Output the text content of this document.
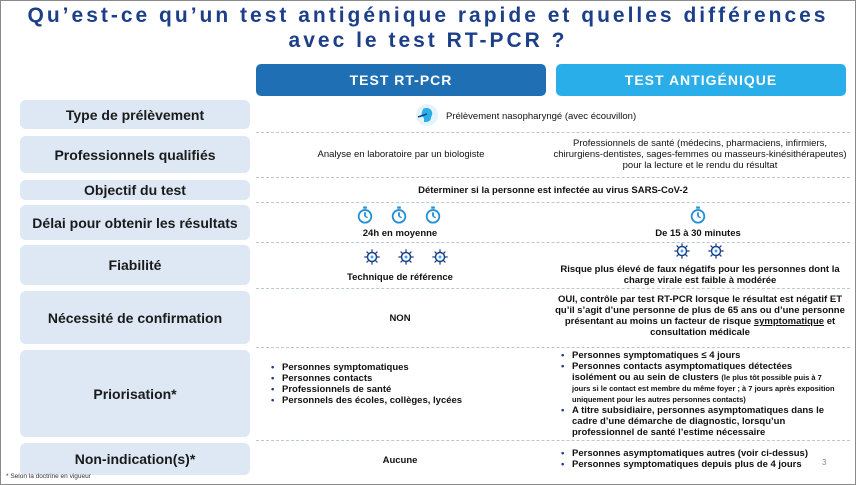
Qu’est-ce qu’un test antigénique rapide et quelles différences
avec le test RT-PCR ?
TEST RT-PCR	TEST ANTIGÉNIQUE
Type de prélèvement
Professionnels qualifiés
Objectif du test
Délai pour obtenir les résultats
Fiabilité
Nécessité de confirmation
Priorisation*
Non-indication(s)*
Prélèvement nasopharyngé (avec écouvillon)
Analyse en laboratoire par un biologiste
Professionnels de santé (médecins, pharmaciens, infirmiers, chirurgiens-dentistes, sages-femmes ou masseurs-kinésithérapeutes) pour la lecture et le rendu du résultat
Déterminer si la personne est infectée au virus SARS-CoV-2
24h en moyenne	De 15 à 30 minutes
Technique de référence
Risque plus élevé de faux négatifs pour les personnes dont la charge virale est faible à modérée
NON
OUI, contrôle par test RT-PCR lorsque le résultat est négatif ET qu’il s’agit d’une personne de plus de 65 ans ou d’une personne présentant au moins un facteur de risque symptomatique et consultation médicale
• Personnes symptomatiques
• Personnes contacts
• Professionnels de santé
• Personnels des écoles, collèges, lycées
• Personnes symptomatiques ≤ 4 jours
• Personnes contacts asymptomatiques détectées isolément ou au sein de clusters (le plus tôt possible puis à 7 jours si le contact est membre du même foyer ; à 7 jours après exposition uniquement pour les autres personnes contacts)
• A titre subsidiaire, personnes asymptomatiques dans le cadre d’une démarche de diagnostic, lorsqu’un professionnel de santé l’estime nécessaire
Aucune
• Personnes asymptomatiques autres (voir ci-dessus)
• Personnes symptomatiques depuis plus de 4 jours
* Selon la doctrine en vigueur
3
